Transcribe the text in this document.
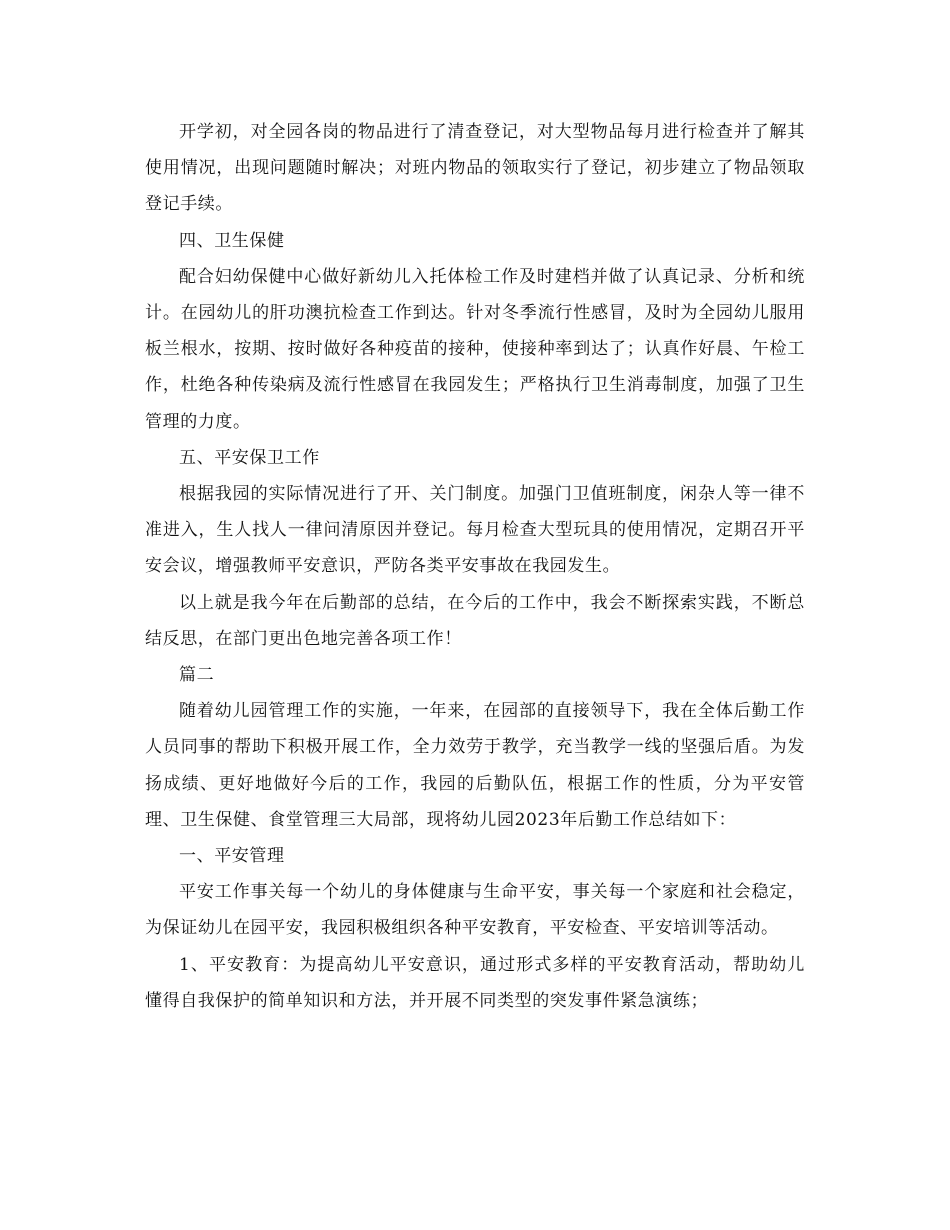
开学初，对全园各岗的物品进行了清查登记，对大型物品每月进行检查并了解其使用情况，出现问题随时解决；对班内物品的领取实行了登记，初步建立了物品领取登记手续。

四、卫生保健

配合妇幼保健中心做好新幼儿入托体检工作及时建档并做了认真记录、分析和统计。在园幼儿的肝功澳抗检查工作到达。针对冬季流行性感冒，及时为全园幼儿服用板兰根水，按期、按时做好各种疫苗的接种，使接种率到达了；认真作好晨、午检工作，杜绝各种传染病及流行性感冒在我园发生；严格执行卫生消毒制度，加强了卫生管理的力度。

五、平安保卫工作

根据我园的实际情况进行了开、关门制度。加强门卫值班制度，闲杂人等一律不准进入，生人找人一律问清原因并登记。每月检查大型玩具的使用情况，定期召开平安会议，增强教师平安意识，严防各类平安事故在我园发生。

以上就是我今年在后勤部的总结，在今后的工作中，我会不断探索实践，不断总结反思，在部门更出色地完善各项工作！

篇二

随着幼儿园管理工作的实施，一年来，在园部的直接领导下，我在全体后勤工作人员同事的帮助下积极开展工作，全力效劳于教学，充当教学一线的坚强后盾。为发扬成绩、更好地做好今后的工作，我园的后勤队伍，根据工作的性质，分为平安管理、卫生保健、食堂管理三大局部，现将幼儿园2023年后勤工作总结如下：

一、平安管理

平安工作事关每一个幼儿的身体健康与生命平安，事关每一个家庭和社会稳定，为保证幼儿在园平安，我园积极组织各种平安教育，平安检查、平安培训等活动。

1、平安教育：为提高幼儿平安意识，通过形式多样的平安教育活动，帮助幼儿懂得自我保护的简单知识和方法，并开展不同类型的突发事件紧急演练；
